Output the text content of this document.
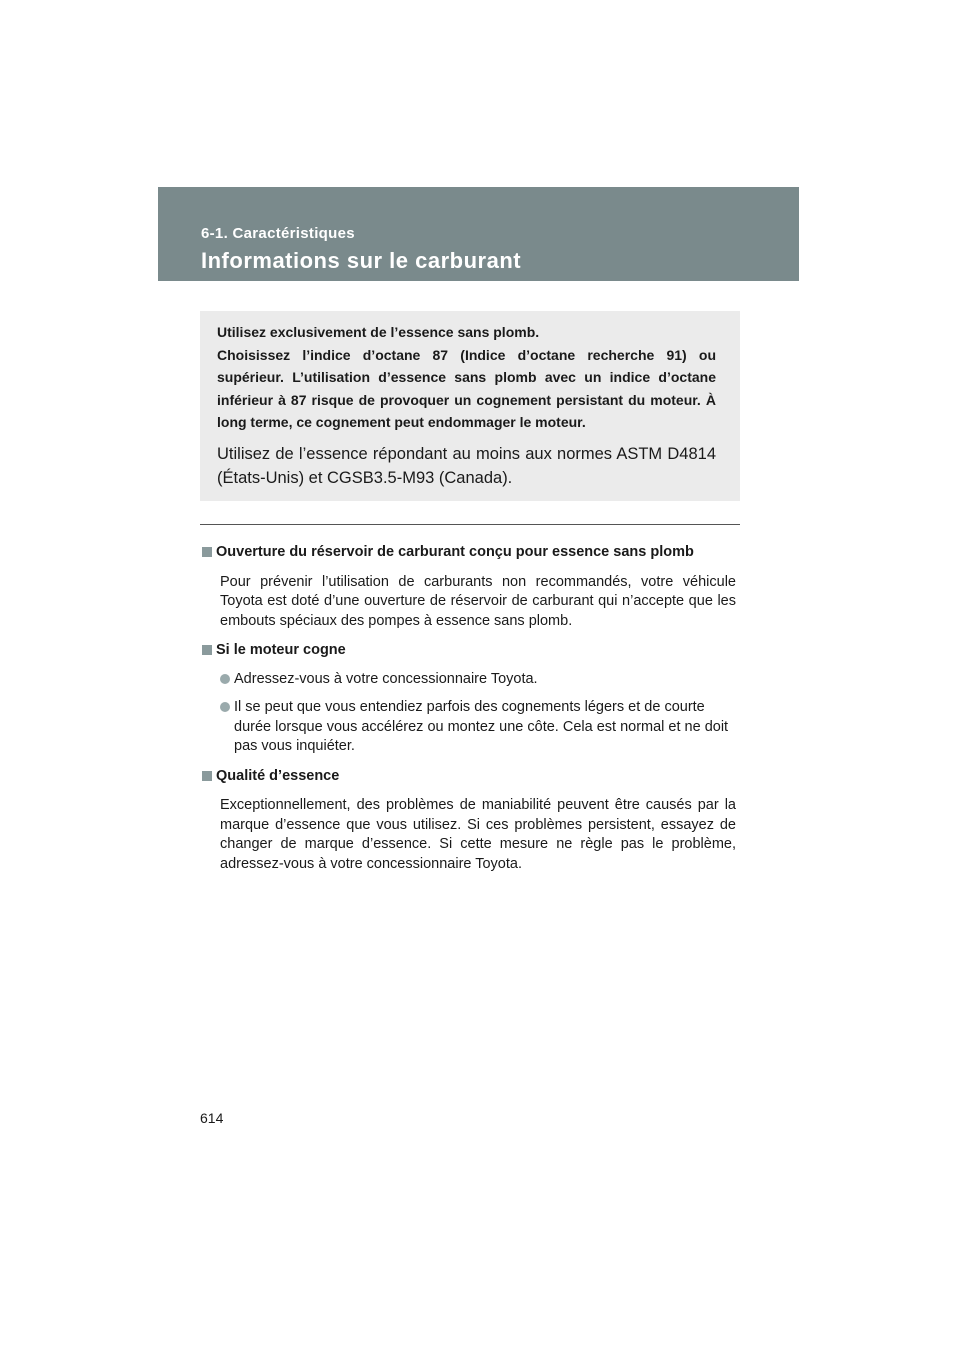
6-1. Caractéristiques
Informations sur le carburant

Utilisez exclusivement de l’essence sans plomb.
Choisissez l’indice d’octane 87 (Indice d’octane recherche 91) ou supérieur. L’utilisation d’essence sans plomb avec un indice d’octane inférieur à 87 risque de provoquer un cognement persistant du moteur. À long terme, ce cognement peut endommager le moteur.

Utilisez de l’essence répondant au moins aux normes ASTM D4814 (États-Unis) et CGSB3.5-M93 (Canada).

Ouverture du réservoir de carburant conçu pour essence sans plomb

Pour prévenir l’utilisation de carburants non recommandés, votre véhicule Toyota est doté d’une ouverture de réservoir de carburant qui n’accepte que les embouts spéciaux des pompes à essence sans plomb.

Si le moteur cogne

Adressez-vous à votre concessionnaire Toyota.
Il se peut que vous entendiez parfois des cognements légers et de courte durée lorsque vous accélérez ou montez une côte. Cela est normal et ne doit pas vous inquiéter.

Qualité d’essence

Exceptionnellement, des problèmes de maniabilité peuvent être causés par la marque d’essence que vous utilisez. Si ces problèmes persistent, essayez de changer de marque d’essence. Si cette mesure ne règle pas le problème, adressez-vous à votre concessionnaire Toyota.

614
